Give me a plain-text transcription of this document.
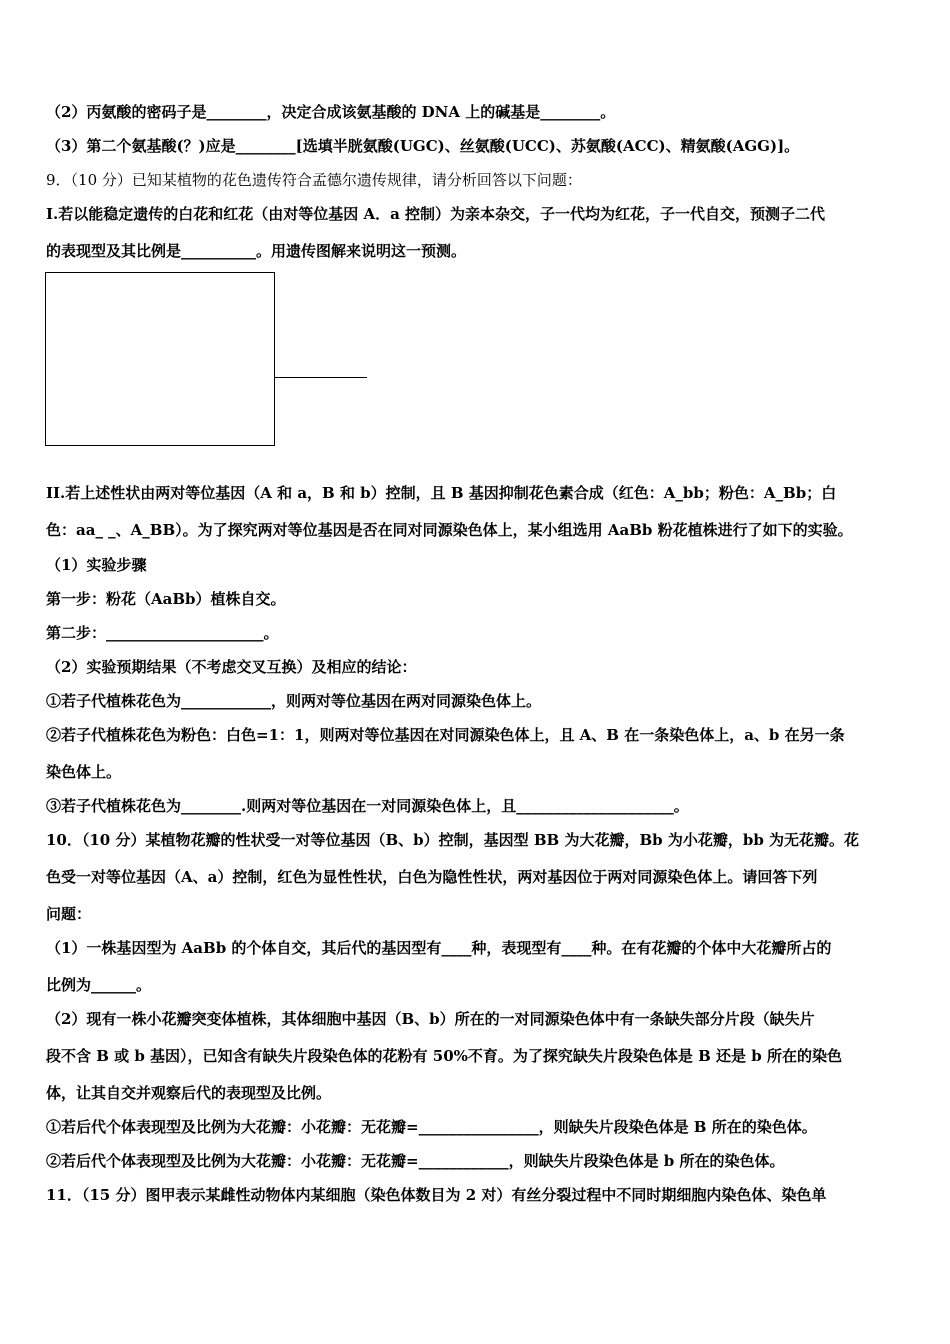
（2）丙氨酸的密码子是________，决定合成该氨基酸的 DNA 上的碱基是________。
（3）第二个氨基酸(？)应是________[选填半胱氨酸(UGC)、丝氨酸(UCC)、苏氨酸(ACC)、精氨酸(AGG)]。
9．（10 分）已知某植物的花色遗传符合孟德尔遗传规律，请分析回答以下问题：
I.若以能稳定遗传的白花和红花（由对等位基因 A．a 控制）为亲本杂交，子一代均为红花，子一代自交，预测子二代
的表现型及其比例是__________。用遗传图解来说明这一预测。
II.若上述性状由两对等位基因（A 和 a，B 和 b）控制，且 B 基因抑制花色素合成（红色：A_bb；粉色：A_Bb；白
色：aa_ _、A_BB）。为了探究两对等位基因是否在同对同源染色体上，某小组选用 AaBb 粉花植株进行了如下的实验。
（1）实验步骤
第一步：粉花（AaBb）植株自交。
第二步：_____________________。
（2）实验预期结果（不考虑交叉互换）及相应的结论：
①若子代植株花色为____________，则两对等位基因在两对同源染色体上。
②若子代植株花色为粉色：白色=1：1，则两对等位基因在对同源染色体上，且 A、B 在一条染色体上，a、b 在另一条
染色体上。
③若子代植株花色为________.则两对等位基因在一对同源染色体上，且_____________________。
10．（10 分）某植物花瓣的性状受一对等位基因（B、b）控制，基因型 BB 为大花瓣，Bb 为小花瓣，bb 为无花瓣。花
色受一对等位基因（A、a）控制，红色为显性性状，白色为隐性性状，两对基因位于两对同源染色体上。请回答下列
问题：
（1）一株基因型为 AaBb 的个体自交，其后代的基因型有____种，表现型有____种。在有花瓣的个体中大花瓣所占的
比例为______。
（2）现有一株小花瓣突变体植株，其体细胞中基因（B、b）所在的一对同源染色体中有一条缺失部分片段（缺失片
段不含 B 或 b 基因），已知含有缺失片段染色体的花粉有 50%不育。为了探究缺失片段染色体是 B 还是 b 所在的染色
体，让其自交并观察后代的表现型及比例。
①若后代个体表现型及比例为大花瓣：小花瓣：无花瓣=________________，则缺失片段染色体是 B 所在的染色体。
②若后代个体表现型及比例为大花瓣：小花瓣：无花瓣=____________，则缺失片段染色体是 b 所在的染色体。
11．（15 分）图甲表示某雌性动物体内某细胞（染色体数目为 2 对）有丝分裂过程中不同时期细胞内染色体、染色单
